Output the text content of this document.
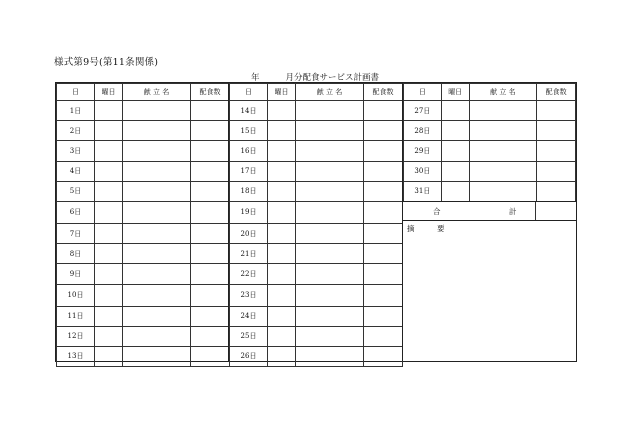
様式第9号(第11条関係)
年	月分配食サービス計画書
日	曜日	献 立 名	配食数
1日			
2日			
3日			
4日			
5日			
6日			
7日			
8日			
9日			
10日			
11日			
12日			
13日			
日	曜日	献 立 名	配食数
14日			
15日			
16日			
17日			
18日			
19日			
20日			
21日			
22日			
23日			
24日			
25日			
26日			
日	曜日	献 立 名	配食数
27日			
28日			
29日			
30日			
31日			
合	計
摘	要
